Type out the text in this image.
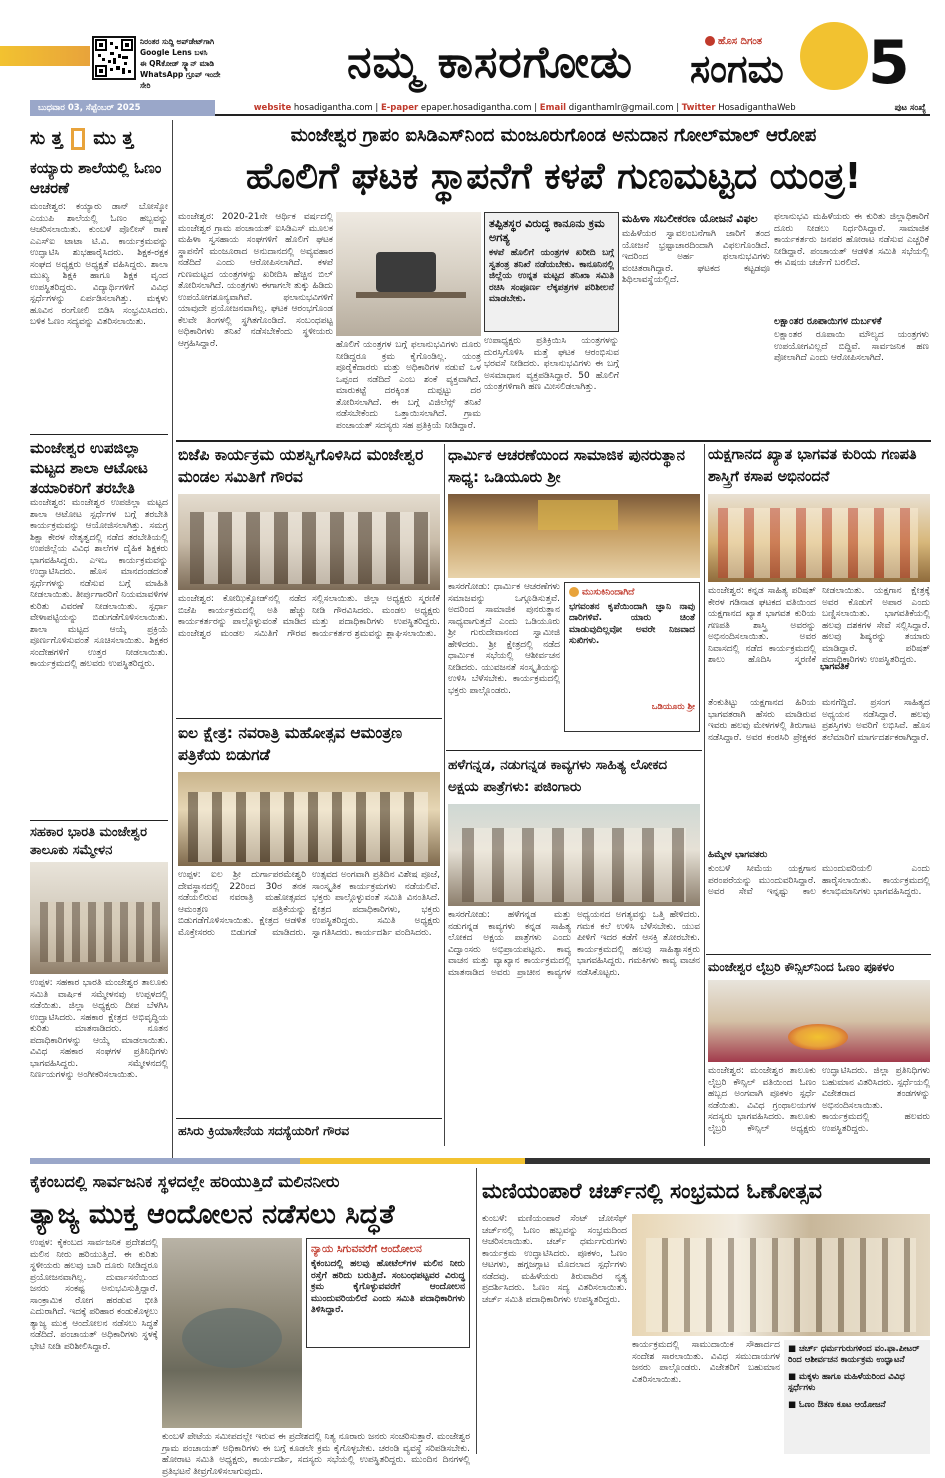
ನಿರಂತರ ಸುದ್ದಿ ಅಪ್‌ಡೇಟ್‌ಗಾಗಿ
Google Lens ಬಳಸಿ
ಈ QRಕೋಡ್ ಸ್ಕ್ಯಾನ್ ಮಾಡಿ
WhatsApp ಗ್ರೂಪ್ ಇಂದೇ ಸೇರಿ	ನಮ್ಮ ಕಾಸರಗೋಡು	ಹೊಸ ದಿಗಂತ
ಸಂಗಮ 5
ಬುಧವಾರ 03, ಸೆಪ್ಟೆಂಬರ್ 2025	website hosadigantha.com | E-paper epaper.hosadigantha.com | Email diganthamlr@gmail.com | Twitter HosadiganthaWeb	ಪುಟ ಸಂಖ್ಯೆ
ಸು ತ್ತ ಮು ತ್ತ
ಕಯ್ಯಾರು ಶಾಲೆಯಲ್ಲಿ ಓಣಂ ಆಚರಣೆ
ಮಂಜೇಶ್ವರ: ಕಯ್ಯಾರು ಡಾನ್ ಬೋಸ್ಕೋ ಎಯುಪಿ ಶಾಲೆಯಲ್ಲಿ ಓಣಂ ಹಬ್ಬವನ್ನು ಆಚರಿಸಲಾಯಿತು. ಕುಂಬಳೆ ಪೊಲೀಸ್ ಠಾಣೆ ಎಎಸ್‌ಐ ಟಾಟಾ ಟಿ.ವಿ. ಕಾರ್ಯಕ್ರಮವನ್ನು ಉದ್ಘಾಟಿಸಿ ಶುಭಹಾರೈಸಿದರು. ಶಿಕ್ಷಕ-ರಕ್ಷಕ ಸಂಘದ ಅಧ್ಯಕ್ಷರು ಅಧ್ಯಕ್ಷತೆ ವಹಿಸಿದ್ದರು. ಶಾಲಾ ಮುಖ್ಯ ಶಿಕ್ಷಕಿ ಹಾಗೂ ಶಿಕ್ಷಕ ವೃಂದ ಉಪಸ್ಥಿತರಿದ್ದರು. ವಿದ್ಯಾರ್ಥಿಗಳಿಗೆ ವಿವಿಧ ಸ್ಪರ್ಧೆಗಳನ್ನು ಏರ್ಪಡಿಸಲಾಗಿತ್ತು. ಮಕ್ಕಳು ಹೂವಿನ ರಂಗೋಲಿ ಬಿಡಿಸಿ ಸಂಭ್ರಮಿಸಿದರು. ಬಳಿಕ ಓಣಂ ಸದ್ಯವನ್ನು ವಿತರಿಸಲಾಯಿತು.
ಮಂಜೇಶ್ವರ ಉಪಜಿಲ್ಲಾ ಮಟ್ಟದ ಶಾಲಾ ಆಟೋಟ ತಯಾರಿಕರಿಗೆ ತರಬೇತಿ
ಮಂಜೇಶ್ವರ: ಮಂಜೇಶ್ವರ ಉಪಜಿಲ್ಲಾ ಮಟ್ಟದ ಶಾಲಾ ಆಟೋಟ ಸ್ಪರ್ಧೆಗಳ ಬಗ್ಗೆ ತರಬೇತಿ ಕಾರ್ಯಕ್ರಮವನ್ನು ಆಯೋಜಿಸಲಾಗಿತ್ತು. ಸಮಗ್ರ ಶಿಕ್ಷಾ ಕೇರಳ ನೇತೃತ್ವದಲ್ಲಿ ನಡೆದ ತರಬೇತಿಯಲ್ಲಿ ಉಪಜಿಲ್ಲೆಯ ವಿವಿಧ ಶಾಲೆಗಳ ದೈಹಿಕ ಶಿಕ್ಷಕರು ಭಾಗವಹಿಸಿದ್ದರು. ಎಇಒ ಕಾರ್ಯಕ್ರಮವನ್ನು ಉದ್ಘಾಟಿಸಿದರು. ಹೊಸ ಮಾನದಂಡದಂತೆ ಸ್ಪರ್ಧೆಗಳನ್ನು ನಡೆಸುವ ಬಗ್ಗೆ ಮಾಹಿತಿ ನೀಡಲಾಯಿತು. ತೀರ್ಪುಗಾರರಿಗೆ ನಿಯಮಾವಳಿಗಳ ಕುರಿತು ವಿವರಣೆ ನೀಡಲಾಯಿತು. ಸ್ಪರ್ಧಾ ವೇಳಾಪಟ್ಟಿಯನ್ನು ಬಿಡುಗಡೆಗೊಳಿಸಲಾಯಿತು. ಶಾಲಾ ಮಟ್ಟದ ಆಯ್ಕೆ ಪ್ರಕ್ರಿಯೆ ಪೂರ್ಣಗೊಳಿಸುವಂತೆ ಸೂಚಿಸಲಾಯಿತು. ಶಿಕ್ಷಕರ ಸಂದೇಹಗಳಿಗೆ ಉತ್ತರ ನೀಡಲಾಯಿತು. ಕಾರ್ಯಕ್ರಮದಲ್ಲಿ ಹಲವರು ಉಪಸ್ಥಿತರಿದ್ದರು.
ಸಹಕಾರ ಭಾರತಿ ಮಂಜೇಶ್ವರ ತಾಲೂಕು ಸಮ್ಮೇಳನ
ಉಪ್ಪಳ: ಸಹಕಾರ ಭಾರತಿ ಮಂಜೇಶ್ವರ ತಾಲೂಕು ಸಮಿತಿ ವಾರ್ಷಿಕ ಸಮ್ಮೇಳನವು ಉಪ್ಪಳದಲ್ಲಿ ನಡೆಯಿತು. ಜಿಲ್ಲಾ ಅಧ್ಯಕ್ಷರು ದೀಪ ಬೆಳಗಿಸಿ ಉದ್ಘಾಟಿಸಿದರು. ಸಹಕಾರ ಕ್ಷೇತ್ರದ ಅಭಿವೃದ್ಧಿಯ ಕುರಿತು ಮಾತನಾಡಿದರು. ನೂತನ ಪದಾಧಿಕಾರಿಗಳನ್ನು ಆಯ್ಕೆ ಮಾಡಲಾಯಿತು. ವಿವಿಧ ಸಹಕಾರ ಸಂಘಗಳ ಪ್ರತಿನಿಧಿಗಳು ಭಾಗವಹಿಸಿದ್ದರು. ಸಮ್ಮೇಳನದಲ್ಲಿ ನಿರ್ಣಯಗಳನ್ನು ಅಂಗೀಕರಿಸಲಾಯಿತು.
ಮಂಜೇಶ್ವರ ಗ್ರಾಪಂ ಐಸಿಡಿಎಸ್‌ನಿಂದ ಮಂಜೂರುಗೊಂಡ ಅನುದಾನ ಗೋಲ್‌ಮಾಲ್ ಆರೋಪ
ಹೊಲಿಗೆ ಘಟಕ ಸ್ಥಾಪನೆಗೆ ಕಳಪೆ ಗುಣಮಟ್ಟದ ಯಂತ್ರ!
ಮಂಜೇಶ್ವರ: 2020-21ನೇ ಆರ್ಥಿಕ ವರ್ಷದಲ್ಲಿ ಮಂಜೇಶ್ವರ ಗ್ರಾಮ ಪಂಚಾಯತ್ ಐಸಿಡಿಎಸ್ ಮೂಲಕ ಮಹಿಳಾ ಸ್ವಸಹಾಯ ಸಂಘಗಳಿಗೆ ಹೊಲಿಗೆ ಘಟಕ ಸ್ಥಾಪನೆಗೆ ಮಂಜೂರಾದ ಅನುದಾನದಲ್ಲಿ ಅವ್ಯವಹಾರ ನಡೆದಿದೆ ಎಂದು ಆರೋಪಿಸಲಾಗಿದೆ. ಕಳಪೆ ಗುಣಮಟ್ಟದ ಯಂತ್ರಗಳನ್ನು ಖರೀದಿಸಿ ಹೆಚ್ಚಿನ ಬಿಲ್ ತೋರಿಸಲಾಗಿದೆ. ಯಂತ್ರಗಳು ಈಗಾಗಲೇ ತುಕ್ಕು ಹಿಡಿದು ಉಪಯೋಗಶೂನ್ಯವಾಗಿವೆ. ಫಲಾನುಭವಿಗಳಿಗೆ ಯಾವುದೇ ಪ್ರಯೋಜನವಾಗಿಲ್ಲ. ಘಟಕ ಆರಂಭಗೊಂಡ ಕೆಲವೇ ತಿಂಗಳಲ್ಲಿ ಸ್ಥಗಿತಗೊಂಡಿದೆ. ಸಂಬಂಧಪಟ್ಟ ಅಧಿಕಾರಿಗಳು ತನಿಖೆ ನಡೆಸಬೇಕೆಂದು ಸ್ಥಳೀಯರು ಆಗ್ರಹಿಸಿದ್ದಾರೆ.	ಹೊಲಿಗೆ ಯಂತ್ರಗಳ ಬಗ್ಗೆ ಫಲಾನುಭವಿಗಳು ದೂರು ನೀಡಿದ್ದರೂ ಕ್ರಮ ಕೈಗೊಂಡಿಲ್ಲ. ಯಂತ್ರ ಪೂರೈಕೆದಾರರು ಮತ್ತು ಅಧಿಕಾರಿಗಳ ನಡುವೆ ಒಳ ಒಪ್ಪಂದ ನಡೆದಿದೆ ಎಂಬ ಶಂಕೆ ವ್ಯಕ್ತವಾಗಿದೆ. ಮಾರುಕಟ್ಟೆ ದರಕ್ಕಿಂತ ದುಪ್ಪಟ್ಟು ದರ ತೋರಿಸಲಾಗಿದೆ. ಈ ಬಗ್ಗೆ ವಿಜಿಲೆನ್ಸ್ ತನಿಖೆ ನಡೆಸಬೇಕೆಂದು ಒತ್ತಾಯಿಸಲಾಗಿದೆ. ಗ್ರಾಮ ಪಂಚಾಯತ್ ಸದಸ್ಯರು ಸಹ ಪ್ರತಿಕ್ರಿಯೆ ನೀಡಿದ್ದಾರೆ.
ತಪ್ಪಿತಸ್ಥರ ವಿರುದ್ಧ ಕಾನೂನು ಕ್ರಮ ಅಗತ್ಯ
ಕಳಪೆ ಹೊಲಿಗೆ ಯಂತ್ರಗಳ ಖರೀದಿ ಬಗ್ಗೆ ಸ್ವತಂತ್ರ ತನಿಖೆ ನಡೆಯಬೇಕು. ಕಾನೂನಿನಲ್ಲಿ ಜಿಲ್ಲೆಯ ಉನ್ನತ ಮಟ್ಟದ ತನಿಖಾ ಸಮಿತಿ ರಚಿಸಿ ಸಂಪೂರ್ಣ ಲೆಕ್ಕಪತ್ರಗಳ ಪರಿಶೀಲನೆ ಮಾಡಬೇಕು.
ಉಪಾಧ್ಯಕ್ಷರು ಪ್ರತಿಕ್ರಿಯಿಸಿ ಯಂತ್ರಗಳನ್ನು ದುರಸ್ತಿಗೊಳಿಸಿ ಮತ್ತೆ ಘಟಕ ಆರಂಭಿಸುವ ಭರವಸೆ ನೀಡಿದರು. ಫಲಾನುಭವಿಗಳು ಈ ಬಗ್ಗೆ ಅಸಮಾಧಾನ ವ್ಯಕ್ತಪಡಿಸಿದ್ದಾರೆ. 50 ಹೊಲಿಗೆ ಯಂತ್ರಗಳಿಗಾಗಿ ಹಣ ಮೀಸಲಿಡಲಾಗಿತ್ತು.
ಮಹಿಳಾ ಸಬಲೀಕರಣ ಯೋಜನೆ ವಿಫಲ
ಮಹಿಳೆಯರ ಸ್ವಾವಲಂಬನೆಗಾಗಿ ಜಾರಿಗೆ ತಂದ ಯೋಜನೆ ಭ್ರಷ್ಟಾಚಾರದಿಂದಾಗಿ ವಿಫಲಗೊಂಡಿದೆ. ಇದರಿಂದ ಅರ್ಹ ಫಲಾನುಭವಿಗಳು ವಂಚಿತರಾಗಿದ್ದಾರೆ. ಘಟಕದ ಕಟ್ಟಡವೂ ಶಿಥಿಲಾವಸ್ಥೆಯಲ್ಲಿದೆ.
ಫಲಾನುಭವಿ ಮಹಿಳೆಯರು ಈ ಕುರಿತು ಜಿಲ್ಲಾಧಿಕಾರಿಗೆ ದೂರು ನೀಡಲು ನಿರ್ಧರಿಸಿದ್ದಾರೆ. ಸಾಮಾಜಿಕ ಕಾರ್ಯಕರ್ತರು ಜನಪರ ಹೋರಾಟ ನಡೆಸುವ ಎಚ್ಚರಿಕೆ ನೀಡಿದ್ದಾರೆ. ಪಂಚಾಯತ್ ಆಡಳಿತ ಸಮಿತಿ ಸಭೆಯಲ್ಲಿ ಈ ವಿಷಯ ಚರ್ಚೆಗೆ ಬರಲಿದೆ.
ಲಕ್ಷಾಂತರ ರೂಪಾಯಿಗಳ ದುರ್ಬಳಕೆ
ಲಕ್ಷಾಂತರ ರೂಪಾಯಿ ಮೌಲ್ಯದ ಯಂತ್ರಗಳು ಉಪಯೋಗವಿಲ್ಲದೆ ಬಿದ್ದಿವೆ. ಸಾರ್ವಜನಿಕ ಹಣ ಪೋಲಾಗಿದೆ ಎಂದು ಆರೋಪಿಸಲಾಗಿದೆ.
ಬಿಜೆಪಿ ಕಾರ್ಯಕ್ರಮ ಯಶಸ್ವಿಗೊಳಿಸಿದ ಮಂಜೇಶ್ವರ ಮಂಡಲ ಸಮಿತಿಗೆ ಗೌರವ
ಮಂಜೇಶ್ವರ: ಕೋಝಿಕ್ಕೋಡ್‌ನಲ್ಲಿ ನಡೆದ ಬಿಜೆಪಿ ಕಾರ್ಯಕ್ರಮದಲ್ಲಿ ಅತಿ ಹೆಚ್ಚು ಕಾರ್ಯಕರ್ತರನ್ನು ಪಾಲ್ಗೊಳ್ಳುವಂತೆ ಮಾಡಿದ ಮಂಜೇಶ್ವರ ಮಂಡಲ ಸಮಿತಿಗೆ ಗೌರವ ಸಲ್ಲಿಸಲಾಯಿತು. ಜಿಲ್ಲಾ ಅಧ್ಯಕ್ಷರು ಸ್ಮರಣಿಕೆ ನೀಡಿ ಗೌರವಿಸಿದರು. ಮಂಡಲ ಅಧ್ಯಕ್ಷರು ಮತ್ತು ಪದಾಧಿಕಾರಿಗಳು ಉಪಸ್ಥಿತರಿದ್ದರು. ಕಾರ್ಯಕರ್ತರ ಶ್ರಮವನ್ನು ಶ್ಲಾಘಿಸಲಾಯಿತು.
ಧಾರ್ಮಿಕ ಆಚರಣೆಯಿಂದ ಸಾಮಾಜಿಕ ಪುನರುತ್ಥಾನ ಸಾಧ್ಯ: ಒಡಿಯೂರು ಶ್ರೀ
ಕಾಸರಗೋಡು: ಧಾರ್ಮಿಕ ಆಚರಣೆಗಳು ಸಮಾಜವನ್ನು ಒಗ್ಗೂಡಿಸುತ್ತವೆ. ಅದರಿಂದ ಸಾಮಾಜಿಕ ಪುನರುತ್ಥಾನ ಸಾಧ್ಯವಾಗುತ್ತದೆ ಎಂದು ಒಡಿಯೂರು ಶ್ರೀ ಗುರುದೇವಾನಂದ ಸ್ವಾಮೀಜಿ ಹೇಳಿದರು. ಶ್ರೀ ಕ್ಷೇತ್ರದಲ್ಲಿ ನಡೆದ ಧಾರ್ಮಿಕ ಸಭೆಯಲ್ಲಿ ಆಶೀರ್ವಚನ ನೀಡಿದರು. ಯುವಜನತೆ ಸಂಸ್ಕೃತಿಯನ್ನು ಉಳಿಸಿ ಬೆಳೆಸಬೇಕು. ಕಾರ್ಯಕ್ರಮದಲ್ಲಿ ಭಕ್ತರು ಪಾಲ್ಗೊಂಡರು.
ಮುಸುಕಿನಿಂದಾಗಿದೆ
ಭಗವಂತನ ಕೃಪೆಯಿಂದಾಗಿ ಜ್ಞಾನಿ ನಾವು ದಾರಿಗಳಿವೆ. ಯಾರು ಚಿಂತೆ ಮಾಡುವುದಿಲ್ಲವೋ ಅವರೇ ನಿಜವಾದ ಸುಖಿಗಳು.
ಒಡಿಯೂರು ಶ್ರೀ
ಯಕ್ಷಗಾನದ ಖ್ಯಾತ ಭಾಗವತ ಕುರಿಯ ಗಣಪತಿ ಶಾಸ್ತ್ರಿಗೆ ಕಸಾಪ ಅಭಿನಂದನೆ
ಮಂಜೇಶ್ವರ: ಕನ್ನಡ ಸಾಹಿತ್ಯ ಪರಿಷತ್ ಕೇರಳ ಗಡಿನಾಡ ಘಟಕದ ವತಿಯಿಂದ ಯಕ್ಷಗಾನದ ಖ್ಯಾತ ಭಾಗವತ ಕುರಿಯ ಗಣಪತಿ ಶಾಸ್ತ್ರಿ ಅವರನ್ನು ಅಭಿನಂದಿಸಲಾಯಿತು. ಅವರ ನಿವಾಸದಲ್ಲಿ ನಡೆದ ಕಾರ್ಯಕ್ರಮದಲ್ಲಿ ಶಾಲು ಹೊದಿಸಿ ಸ್ಮರಣಿಕೆ ನೀಡಲಾಯಿತು. ಯಕ್ಷಗಾನ ಕ್ಷೇತ್ರಕ್ಕೆ ಅವರ ಕೊಡುಗೆ ಅಪಾರ ಎಂದು ಬಣ್ಣಿಸಲಾಯಿತು. ಭಾಗವತಿಕೆಯಲ್ಲಿ ಹಲವು ದಶಕಗಳ ಸೇವೆ ಸಲ್ಲಿಸಿದ್ದಾರೆ. ಹಲವು ಶಿಷ್ಯರನ್ನು ತಯಾರು ಮಾಡಿದ್ದಾರೆ. ಪರಿಷತ್ ಪದಾಧಿಕಾರಿಗಳು ಉಪಸ್ಥಿತರಿದ್ದರು.
ಭಾಗವತಿಕೆ
ತೆಂಕುತಿಟ್ಟು ಯಕ್ಷಗಾನದ ಹಿರಿಯ ಭಾಗವತರಾಗಿ ಹೆಸರು ಮಾಡಿರುವ ಇವರು ಹಲವು ಮೇಳಗಳಲ್ಲಿ ತಿರುಗಾಟ ನಡೆಸಿದ್ದಾರೆ. ಅವರ ಕಂಠಸಿರಿ ಪ್ರೇಕ್ಷಕರ ಮನಗೆದ್ದಿದೆ. ಪ್ರಸಂಗ ಸಾಹಿತ್ಯದ ಅಧ್ಯಯನ ನಡೆಸಿದ್ದಾರೆ. ಹಲವು ಪ್ರಶಸ್ತಿಗಳು ಅವರಿಗೆ ಲಭಿಸಿವೆ. ಹೊಸ ತಲೆಮಾರಿಗೆ ಮಾರ್ಗದರ್ಶಕರಾಗಿದ್ದಾರೆ.
ಹಿಮ್ಮೇಳ ಭಾಗವತರು
ಕುಂಬಳೆ ಸೀಮೆಯ ಯಕ್ಷಗಾನ ಪರಂಪರೆಯನ್ನು ಮುಂದುವರಿಸಿದ್ದಾರೆ. ಅವರ ಸೇವೆ ಇನ್ನಷ್ಟು ಕಾಲ ಮುಂದುವರಿಯಲಿ ಎಂದು ಹಾರೈಸಲಾಯಿತು. ಕಾರ್ಯಕ್ರಮದಲ್ಲಿ ಕಲಾಭಿಮಾನಿಗಳು ಭಾಗವಹಿಸಿದ್ದರು.
ಐಲ ಕ್ಷೇತ್ರ: ನವರಾತ್ರಿ ಮಹೋತ್ಸವ ಆಮಂತ್ರಣ ಪತ್ರಿಕೆಯ ಬಿಡುಗಡೆ
ಉಪ್ಪಳ: ಐಲ ಶ್ರೀ ದುರ್ಗಾಪರಮೇಶ್ವರಿ ದೇವಸ್ಥಾನದಲ್ಲಿ 22ರಿಂದ 30ರ ತನಕ ನಡೆಯಲಿರುವ ನವರಾತ್ರಿ ಮಹೋತ್ಸವದ ಆಮಂತ್ರಣ ಪತ್ರಿಕೆಯನ್ನು ಬಿಡುಗಡೆಗೊಳಿಸಲಾಯಿತು. ಕ್ಷೇತ್ರದ ಆಡಳಿತ ಮೊಕ್ತೇಸರರು ಬಿಡುಗಡೆ ಮಾಡಿದರು. ಉತ್ಸವದ ಅಂಗವಾಗಿ ಪ್ರತಿದಿನ ವಿಶೇಷ ಪೂಜೆ, ಸಾಂಸ್ಕೃತಿಕ ಕಾರ್ಯಕ್ರಮಗಳು ನಡೆಯಲಿವೆ. ಭಕ್ತರು ಪಾಲ್ಗೊಳ್ಳುವಂತೆ ಸಮಿತಿ ವಿನಂತಿಸಿದೆ. ಕ್ಷೇತ್ರದ ಪದಾಧಿಕಾರಿಗಳು, ಭಕ್ತರು ಉಪಸ್ಥಿತರಿದ್ದರು. ಸಮಿತಿ ಅಧ್ಯಕ್ಷರು ಸ್ವಾಗತಿಸಿದರು. ಕಾರ್ಯದರ್ಶಿ ವಂದಿಸಿದರು.
ಹಳೆಗನ್ನಡ, ನಡುಗನ್ನಡ ಕಾವ್ಯಗಳು ಸಾಹಿತ್ಯ ಲೋಕದ ಅಕ್ಷಯ ಪಾತ್ರೆಗಳು: ಪಜಿಂಗಾರು
ಕಾಸರಗೋಡು: ಹಳೆಗನ್ನಡ ಮತ್ತು ನಡುಗನ್ನಡ ಕಾವ್ಯಗಳು ಕನ್ನಡ ಸಾಹಿತ್ಯ ಲೋಕದ ಅಕ್ಷಯ ಪಾತ್ರೆಗಳು ಎಂದು ವಿದ್ವಾಂಸರು ಅಭಿಪ್ರಾಯಪಟ್ಟರು. ಕಾವ್ಯ ವಾಚನ ಮತ್ತು ವ್ಯಾಖ್ಯಾನ ಕಾರ್ಯಕ್ರಮದಲ್ಲಿ ಮಾತನಾಡಿದ ಅವರು ಪ್ರಾಚೀನ ಕಾವ್ಯಗಳ ಅಧ್ಯಯನದ ಅಗತ್ಯವನ್ನು ಒತ್ತಿ ಹೇಳಿದರು. ಗಮಕ ಕಲೆ ಉಳಿಸಿ ಬೆಳೆಸಬೇಕು. ಯುವ ಪೀಳಿಗೆ ಇದರ ಕಡೆಗೆ ಆಸಕ್ತಿ ತೋರಬೇಕು. ಕಾರ್ಯಕ್ರಮದಲ್ಲಿ ಹಲವು ಸಾಹಿತ್ಯಾಸಕ್ತರು ಭಾಗವಹಿಸಿದ್ದರು. ಗಮಕಿಗಳು ಕಾವ್ಯ ವಾಚನ ನಡೆಸಿಕೊಟ್ಟರು.	ಮಂಜೇಶ್ವರ ಲೈಬ್ರರಿ ಕೌನ್ಸಿಲ್‌ನಿಂದ ಓಣಂ ಪೂಕಳಂ
ಮಂಜೇಶ್ವರ: ಮಂಜೇಶ್ವರ ತಾಲೂಕು ಲೈಬ್ರರಿ ಕೌನ್ಸಿಲ್ ವತಿಯಿಂದ ಓಣಂ ಹಬ್ಬದ ಅಂಗವಾಗಿ ಪೂಕಳಂ ಸ್ಪರ್ಧೆ ನಡೆಯಿತು. ವಿವಿಧ ಗ್ರಂಥಾಲಯಗಳ ಸದಸ್ಯರು ಭಾಗವಹಿಸಿದರು. ತಾಲೂಕು ಲೈಬ್ರರಿ ಕೌನ್ಸಿಲ್ ಅಧ್ಯಕ್ಷರು ಉದ್ಘಾಟಿಸಿದರು. ಜಿಲ್ಲಾ ಪ್ರತಿನಿಧಿಗಳು ಬಹುಮಾನ ವಿತರಿಸಿದರು. ಸ್ಪರ್ಧೆಯಲ್ಲಿ ವಿಜೇತರಾದ ತಂಡಗಳನ್ನು ಅಭಿನಂದಿಸಲಾಯಿತು. ಕಾರ್ಯಕ್ರಮದಲ್ಲಿ ಹಲವರು ಉಪಸ್ಥಿತರಿದ್ದರು.
ಹಸಿರು ಕ್ರಿಯಾಸೇನೆಯ ಸದಸ್ಯೆಯರಿಗೆ ಗೌರವ
ಕೈಕಂಬದಲ್ಲಿ ಸಾರ್ವಜನಿಕ ಸ್ಥಳದಲ್ಲೇ ಹರಿಯುತ್ತಿದೆ ಮಲಿನನೀರು
ತ್ಯಾಜ್ಯ ಮುಕ್ತ ಆಂದೋಲನ ನಡೆಸಲು ಸಿದ್ಧತೆ
ಉಪ್ಪಳ: ಕೈಕಂಬದ ಸಾರ್ವಜನಿಕ ಪ್ರದೇಶದಲ್ಲಿ ಮಲಿನ ನೀರು ಹರಿಯುತ್ತಿದೆ. ಈ ಕುರಿತು ಸ್ಥಳೀಯರು ಹಲವು ಬಾರಿ ದೂರು ನೀಡಿದ್ದರೂ ಪ್ರಯೋಜನವಾಗಿಲ್ಲ. ದುರ್ವಾಸನೆಯಿಂದ ಜನರು ಸಂಕಷ್ಟ ಅನುಭವಿಸುತ್ತಿದ್ದಾರೆ. ಸಾಂಕ್ರಾಮಿಕ ರೋಗ ಹರಡುವ ಭೀತಿ ಎದುರಾಗಿದೆ. ಇದಕ್ಕೆ ಪರಿಹಾರ ಕಂಡುಕೊಳ್ಳಲು ತ್ಯಾಜ್ಯ ಮುಕ್ತ ಆಂದೋಲನ ನಡೆಸಲು ಸಿದ್ಧತೆ ನಡೆದಿದೆ. ಪಂಚಾಯತ್ ಅಧಿಕಾರಿಗಳು ಸ್ಥಳಕ್ಕೆ ಭೇಟಿ ನೀಡಿ ಪರಿಶೀಲಿಸಿದ್ದಾರೆ.
ನ್ಯಾಯ ಸಿಗುವವರೆಗೆ ಆಂದೋಲನ
ಕೈಕಂಬದಲ್ಲಿ ಹಲವು ಹೋಟೆಲ್‌ಗಳ ಮಲಿನ ನೀರು ರಸ್ತೆಗೆ ಹರಿದು ಬರುತ್ತಿದೆ. ಸಂಬಂಧಪಟ್ಟವರ ವಿರುದ್ಧ ಕ್ರಮ ಕೈಗೊಳ್ಳುವವರೆಗೆ ಆಂದೋಲನ ಮುಂದುವರಿಯಲಿದೆ ಎಂದು ಸಮಿತಿ ಪದಾಧಿಕಾರಿಗಳು ತಿಳಿಸಿದ್ದಾರೆ.
ಕುಂಬಳೆ ಪೇಟೆಯ ಸಮೀಪದಲ್ಲೇ ಇರುವ ಈ ಪ್ರದೇಶದಲ್ಲಿ ನಿತ್ಯ ನೂರಾರು ಜನರು ಸಂಚರಿಸುತ್ತಾರೆ. ಮಂಜೇಶ್ವರ ಗ್ರಾಮ ಪಂಚಾಯತ್ ಅಧಿಕಾರಿಗಳು ಈ ಬಗ್ಗೆ ಕೂಡಲೇ ಕ್ರಮ ಕೈಗೊಳ್ಳಬೇಕು. ಚರಂಡಿ ವ್ಯವಸ್ಥೆ ಸರಿಪಡಿಸಬೇಕು. ಹೋರಾಟ ಸಮಿತಿ ಅಧ್ಯಕ್ಷರು, ಕಾರ್ಯದರ್ಶಿ, ಸದಸ್ಯರು ಸಭೆಯಲ್ಲಿ ಉಪಸ್ಥಿತರಿದ್ದರು. ಮುಂದಿನ ದಿನಗಳಲ್ಲಿ ಪ್ರತಿಭಟನೆ ತೀವ್ರಗೊಳಿಸಲಾಗುವುದು.
ಮಣಿಯಂಪಾರೆ ಚರ್ಚ್‌ನಲ್ಲಿ ಸಂಭ್ರಮದ ಓಣೋತ್ಸವ
ಕುಂಬಳೆ: ಮಣಿಯಂಪಾರೆ ಸೆಂಟ್ ಜೋಸೆಫ್ ಚರ್ಚ್‌ನಲ್ಲಿ ಓಣಂ ಹಬ್ಬವನ್ನು ಸಂಭ್ರಮದಿಂದ ಆಚರಿಸಲಾಯಿತು. ಚರ್ಚ್ ಧರ್ಮಗುರುಗಳು ಕಾರ್ಯಕ್ರಮ ಉದ್ಘಾಟಿಸಿದರು. ಪೂಕಳಂ, ಓಣಂ ಆಟಗಳು, ಹಗ್ಗಜಗ್ಗಾಟ ಮೊದಲಾದ ಸ್ಪರ್ಧೆಗಳು ನಡೆದವು. ಮಹಿಳೆಯರು ತಿರುವಾದಿರ ನೃತ್ಯ ಪ್ರದರ್ಶಿಸಿದರು. ಓಣಂ ಸದ್ಯ ವಿತರಿಸಲಾಯಿತು. ಚರ್ಚ್ ಸಮಿತಿ ಪದಾಧಿಕಾರಿಗಳು ಉಪಸ್ಥಿತರಿದ್ದರು.
ಕಾರ್ಯಕ್ರಮದಲ್ಲಿ ಸಾಮುದಾಯಿಕ ಸೌಹಾರ್ದದ ಸಂದೇಶ ಸಾರಲಾಯಿತು. ವಿವಿಧ ಸಮುದಾಯಗಳ ಜನರು ಪಾಲ್ಗೊಂಡರು. ವಿಜೇತರಿಗೆ ಬಹುಮಾನ ವಿತರಿಸಲಾಯಿತು.
■ ಚರ್ಚ್ ಧರ್ಮಗುರುಗಳಿಂದ ವಂ.ಫಾ.ಪೀಟರ್ ರಿಂದ ಆಶೀರ್ವಚನ ಕಾರ್ಯಕ್ರಮ ಉದ್ಘಾಟನೆ
■ ಮಕ್ಕಳು ಹಾಗೂ ಮಹಿಳೆಯರಿಂದ ವಿವಿಧ ಸ್ಪರ್ಧೆಗಳು
■ ಓಣಂ ಔತಣ ಕೂಟ ಆಯೋಜನೆ
